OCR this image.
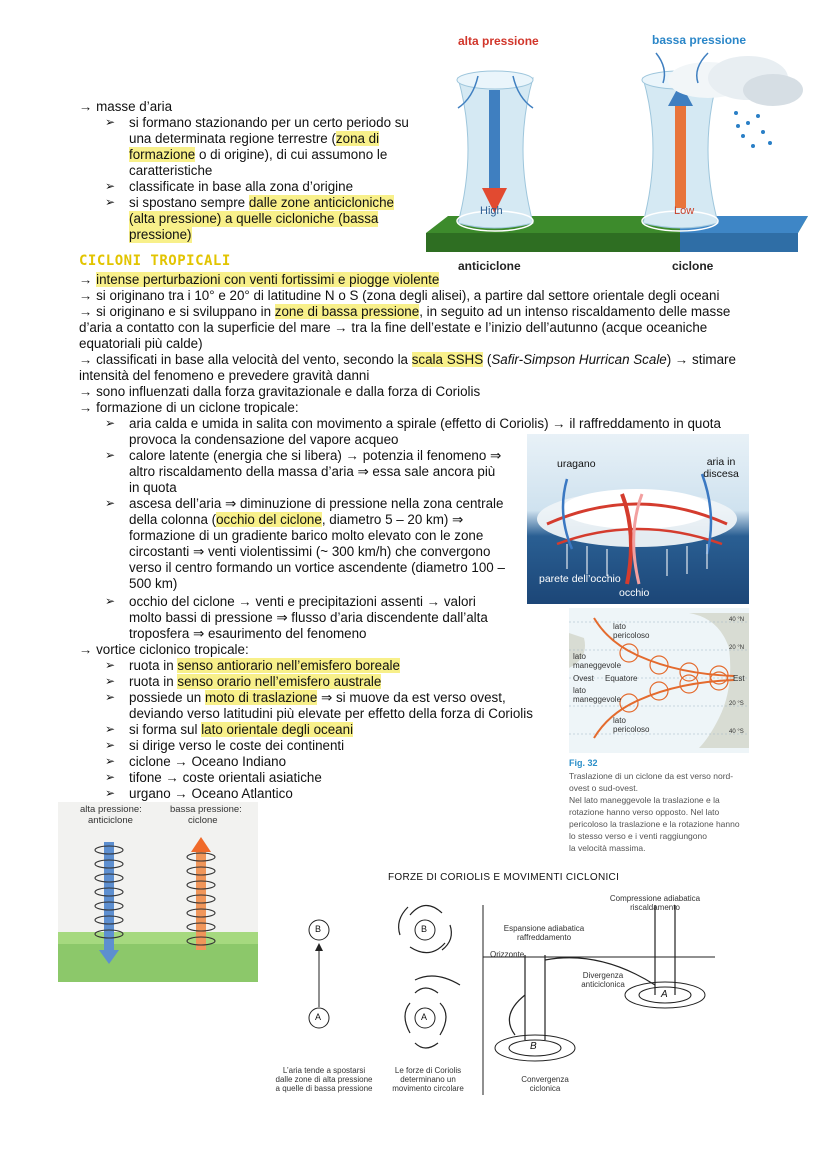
alta pressione	bassa pressione
High	Low
anticiclone	ciclone
→ masse d’aria
➢ si formano stazionando per un certo periodo su
una determinata regione terrestre (zona di
formazione o di origine), di cui assumono le
caratteristiche
➢ classificate in base alla zona d’origine
➢ si spostano sempre dalle zone anticicloniche
(alta pressione) a quelle cicloniche (bassa
pressione)
CICLONI TROPICALI
→ intense perturbazioni con venti fortissimi e piogge violente
→ si originano tra i 10° e 20° di latitudine N o S (zona degli alisei), a partire dal settore orientale degli oceani
→ si originano e si sviluppano in zone di bassa pressione, in seguito ad un intenso riscaldamento delle masse
d’aria a contatto con la superficie del mare → tra la fine dell’estate e l’inizio dell’autunno (acque oceaniche
equatoriali più calde)
→ classificati in base alla velocità del vento, secondo la scala SSHS (Safir-Simpson Hurrican Scale) → stimare
intensità del fenomeno e prevedere gravità danni
→ sono influenzati dalla forza gravitazionale e dalla forza di Coriolis
→ formazione di un ciclone tropicale:
➢ aria calda e umida in salita con movimento a spirale (effetto di Coriolis) → il raffreddamento in quota
provoca la condensazione del vapore acqueo
➢ calore latente (energia che si libera) → potenzia il fenomeno ⇒
altro riscaldamento della massa d’aria ⇒ essa sale ancora più
in quota
➢ ascesa dell’aria ⇒ diminuzione di pressione nella zona centrale
della colonna (occhio del ciclone, diametro 5 – 20 km) ⇒
formazione di un gradiente barico molto elevato con le zone
circostanti ⇒ venti violentissimi (~ 300 km/h) che convergono
verso il centro formando un vortice ascendente (diametro 100 –
500 km)
➢ occhio del ciclone → venti e precipitazioni assenti → valori
molto bassi di pressione ⇒ flusso d’aria discendente dall’alta
troposfera ⇒ esaurimento del fenomeno
→ vortice ciclonico tropicale:
➢ ruota in senso antiorario nell’emisfero boreale
➢ ruota in senso orario nell’emisfero australe
➢ possiede un moto di traslazione ⇒ si muove da est verso ovest,
deviando verso latitudini più elevate per effetto della forza di Coriolis
➢ si forma sul lato orientale degli oceani
➢ si dirige verso le coste dei continenti
➢ ciclone → Oceano Indiano
➢ tifone → coste orientali asiatiche
➢ urgano → Oceano Atlantico
uragano	aria in discesa
parete dell’occhio
occhio
lato pericoloso
lato maneggevole
Ovest Equatore	Est
lato maneggevole
lato pericoloso
40 °N
20 °N
20 °S
40 °S
Fig. 32
Traslazione di un ciclone da est verso nord-
ovest o sud-ovest.
Nel lato maneggevole la traslazione e la
rotazione hanno verso opposto. Nel lato
pericoloso la traslazione e la rotazione hanno
lo stesso verso e i venti raggiungono
la velocità massima.
alta pressione:
anticiclone
bassa pressione:
ciclone
FORZE DI CORIOLIS E MOVIMENTI CICLONICI
B
A
B
A
B
A
L’aria tende a spostarsi
dalle zone di alta pressione
a quelle di bassa pressione
Le forze di Coriolis
determinano un
movimento circolare
Compressione adiabatica
riscaldamento
Espansione adiabatica
raffreddamento
Orizzonte
Divergenza
anticiclonica
Convergenza
ciclonica
